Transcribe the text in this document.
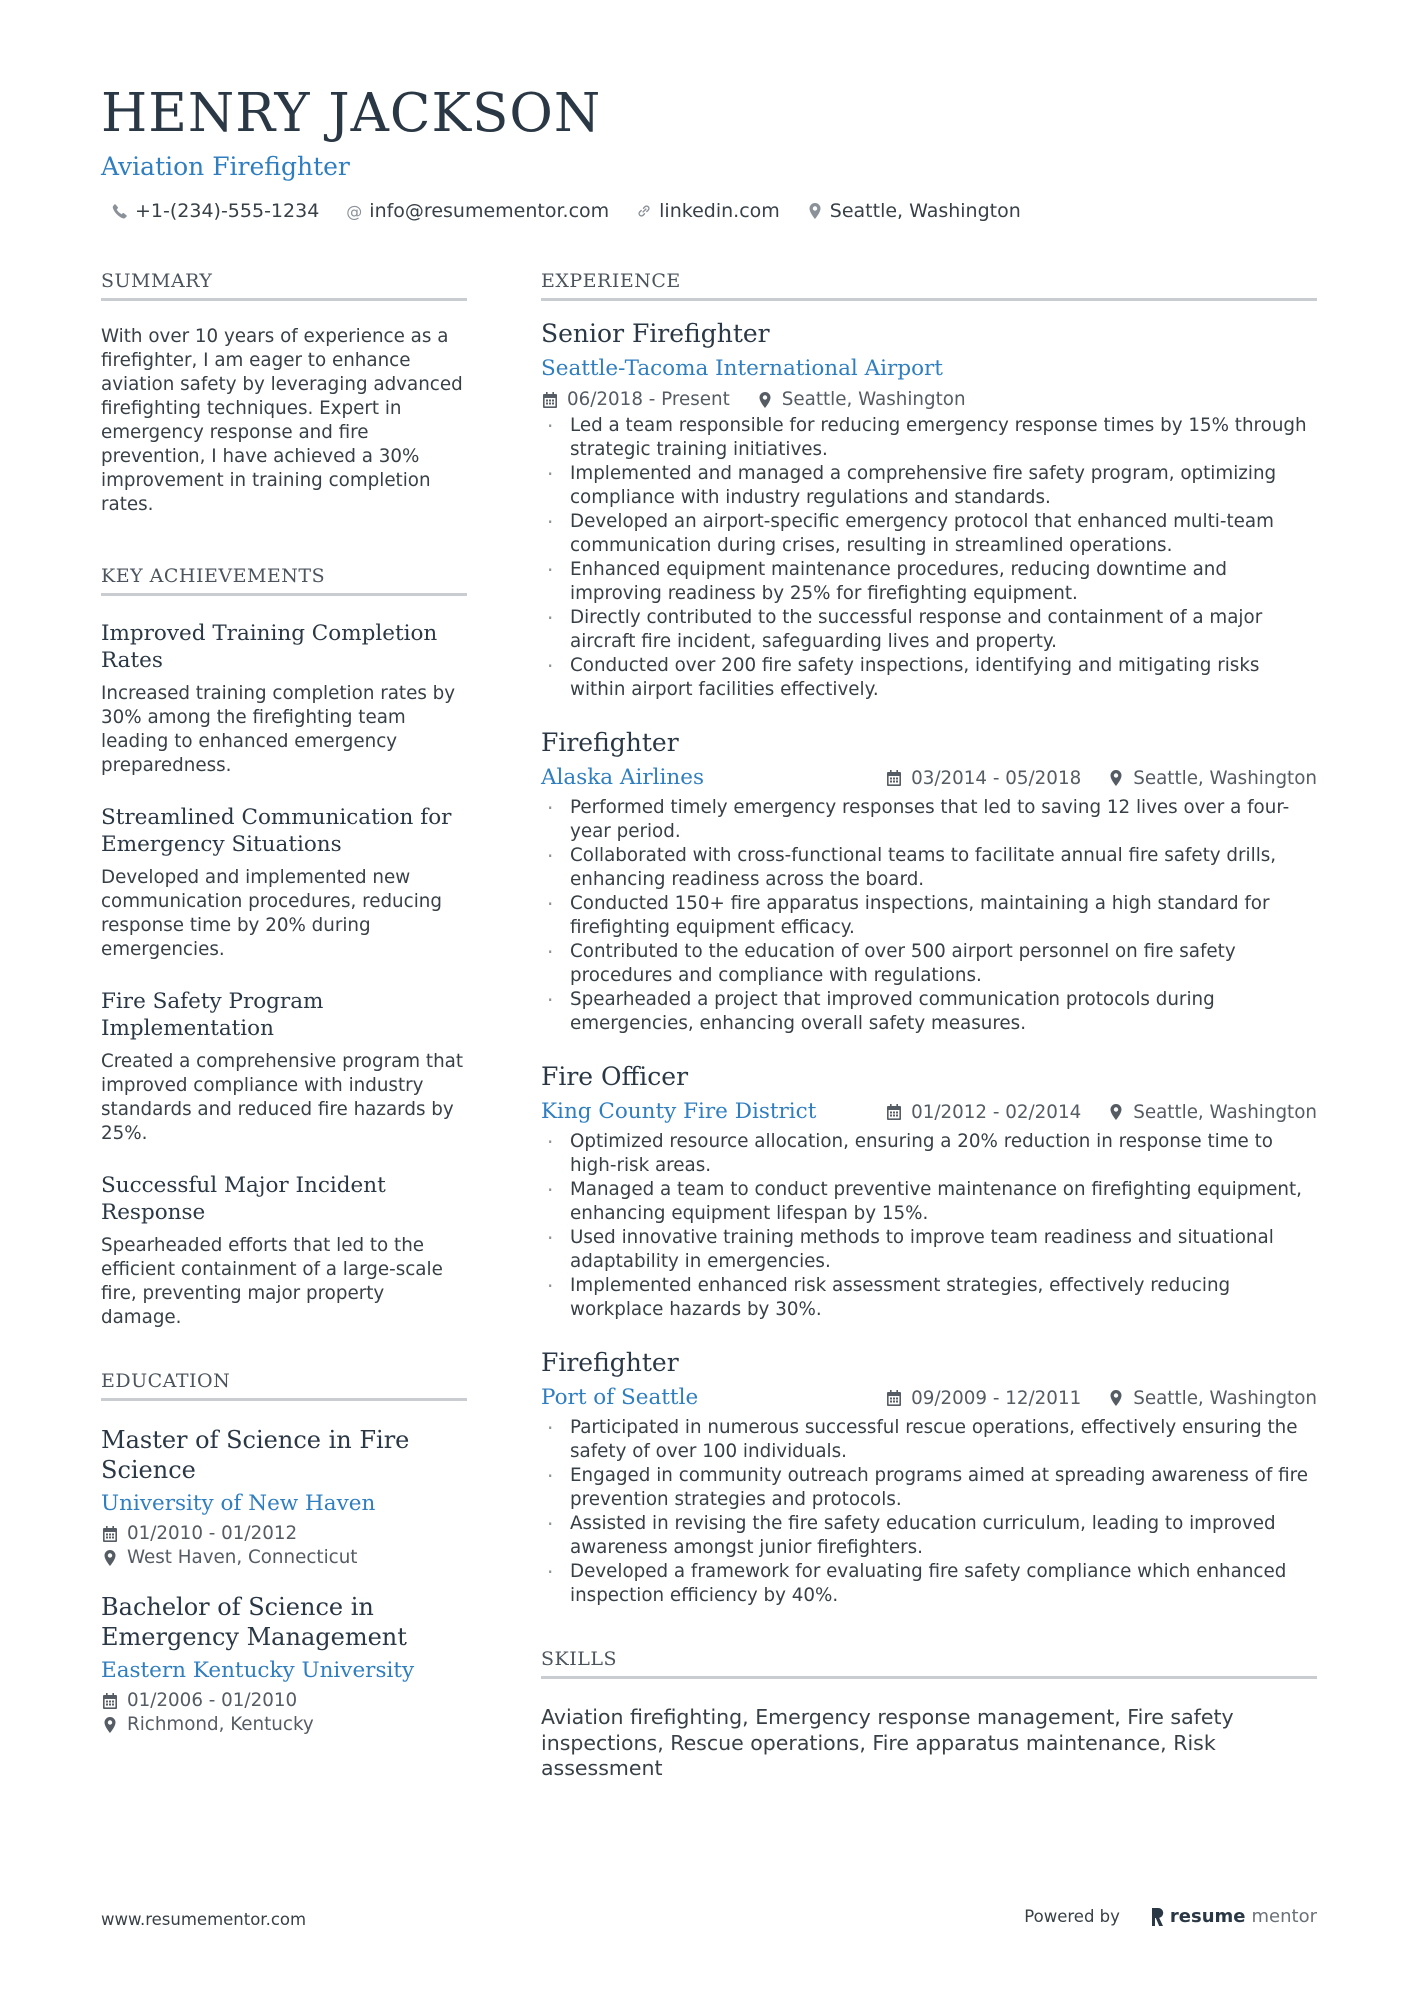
HENRY JACKSON
Aviation Firefighter
+1-(234)-555-1234 @ info@resumementor.com	linkedin.com	Seattle, Washington
SUMMARY
With over 10 years of experience as a firefighter, I am eager to enhance aviation safety by leveraging advanced firefighting techniques. Expert in emergency response and fire prevention, I have achieved a 30% improvement in training completion rates.
KEY ACHIEVEMENTS
Improved Training Completion Rates
Increased training completion rates by 30% among the firefighting team leading to enhanced emergency preparedness.
Streamlined Communication for Emergency Situations
Developed and implemented new communication procedures, reducing response time by 20% during emergencies.
Fire Safety Program Implementation
Created a comprehensive program that improved compliance with industry standards and reduced fire hazards by 25%.
Successful Major Incident Response
Spearheaded efforts that led to the efficient containment of a large-scale fire, preventing major property damage.
EDUCATION
Master of Science in Fire Science
University of New Haven
01/2010 - 01/2012
West Haven, Connecticut
Bachelor of Science in Emergency Management
Eastern Kentucky University
01/2006 - 01/2010
Richmond, Kentucky
EXPERIENCE
Senior Firefighter
Seattle-Tacoma International Airport
06/2018 - Present	Seattle, Washington
· Led a team responsible for reducing emergency response times by 15% through strategic training initiatives.
· Implemented and managed a comprehensive fire safety program, optimizing compliance with industry regulations and standards.
· Developed an airport-specific emergency protocol that enhanced multi-team communication during crises, resulting in streamlined operations.
· Enhanced equipment maintenance procedures, reducing downtime and improving readiness by 25% for firefighting equipment.
· Directly contributed to the successful response and containment of a major aircraft fire incident, safeguarding lives and property.
· Conducted over 200 fire safety inspections, identifying and mitigating risks within airport facilities effectively.
Firefighter
Alaska Airlines	03/2014 - 05/2018	Seattle, Washington
· Performed timely emergency responses that led to saving 12 lives over a four-year period.
· Collaborated with cross-functional teams to facilitate annual fire safety drills, enhancing readiness across the board.
· Conducted 150+ fire apparatus inspections, maintaining a high standard for firefighting equipment efficacy.
· Contributed to the education of over 500 airport personnel on fire safety procedures and compliance with regulations.
· Spearheaded a project that improved communication protocols during emergencies, enhancing overall safety measures.
Fire Officer
King County Fire District	01/2012 - 02/2014	Seattle, Washington
· Optimized resource allocation, ensuring a 20% reduction in response time to high-risk areas.
· Managed a team to conduct preventive maintenance on firefighting equipment, enhancing equipment lifespan by 15%.
· Used innovative training methods to improve team readiness and situational adaptability in emergencies.
· Implemented enhanced risk assessment strategies, effectively reducing workplace hazards by 30%.
Firefighter
Port of Seattle	09/2009 - 12/2011	Seattle, Washington
· Participated in numerous successful rescue operations, effectively ensuring the safety of over 100 individuals.
· Engaged in community outreach programs aimed at spreading awareness of fire prevention strategies and protocols.
· Assisted in revising the fire safety education curriculum, leading to improved awareness amongst junior firefighters.
· Developed a framework for evaluating fire safety compliance which enhanced inspection efficiency by 40%.
SKILLS
Aviation firefighting, Emergency response management, Fire safety inspections, Rescue operations, Fire apparatus maintenance, Risk assessment
www.resumementor.com	Powered by	resume mentor
